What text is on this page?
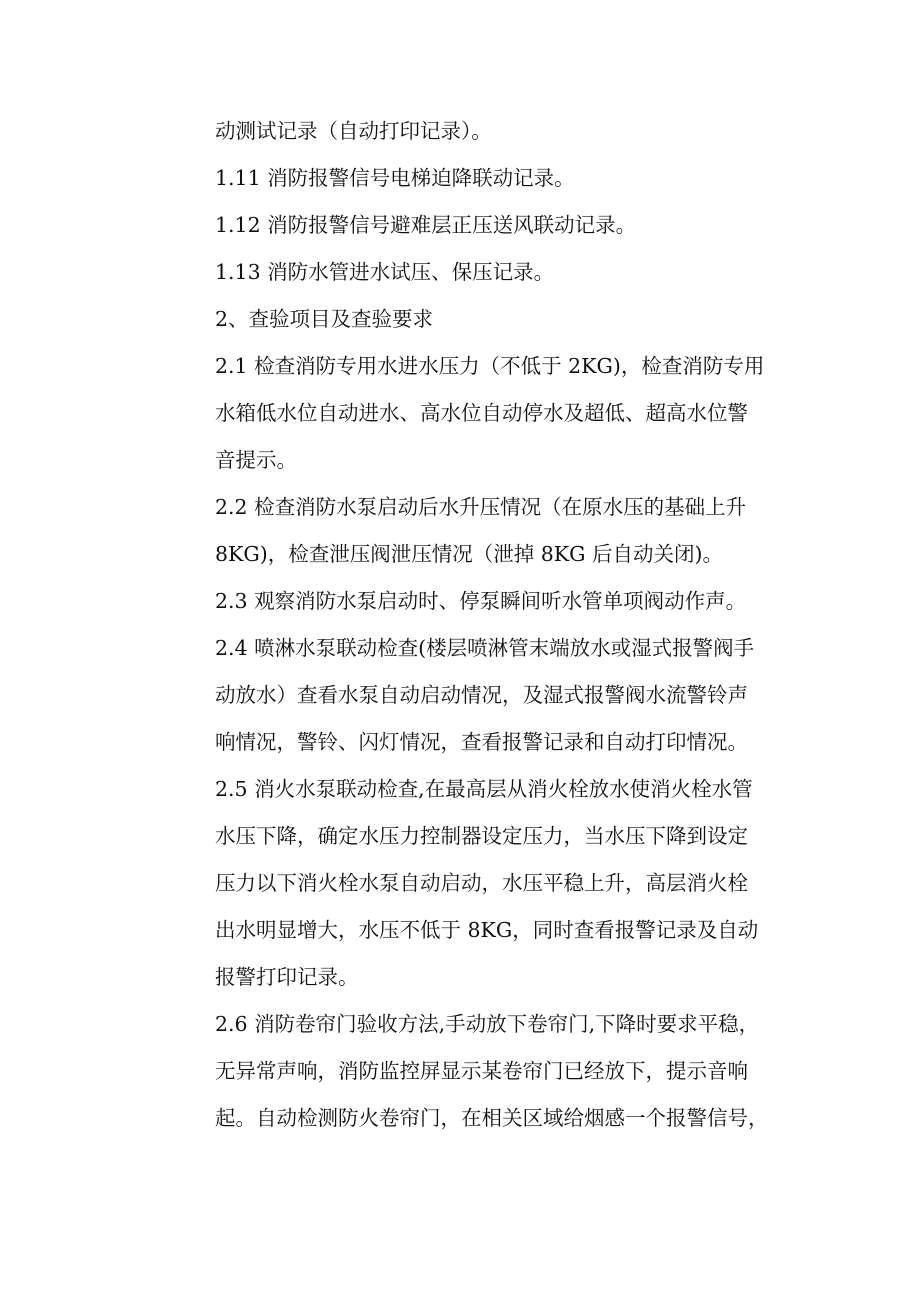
动测试记录（自动打印记录）。
1.11 消防报警信号电梯迫降联动记录。
1.12 消防报警信号避难层正压送风联动记录。
1.13 消防水管进水试压、保压记录。
2、查验项目及查验要求
2.1 检查消防专用水进水压力（不低于 2KG)，检查消防专用
水箱低水位自动进水、高水位自动停水及超低、超高水位警
音提示。
2.2 检查消防水泵启动后水升压情况（在原水压的基础上升
8KG)，检查泄压阀泄压情况（泄掉 8KG 后自动关闭)。
2.3 观察消防水泵启动时、停泵瞬间听水管单项阀动作声。
2.4 喷淋水泵联动检查(楼层喷淋管末端放水或湿式报警阀手
动放水）查看水泵自动启动情况，及湿式报警阀水流警铃声
响情况，警铃、闪灯情况，查看报警记录和自动打印情况。
2.5 消火水泵联动检查,在最高层从消火栓放水使消火栓水管
水压下降，确定水压力控制器设定压力，当水压下降到设定
压力以下消火栓水泵自动启动，水压平稳上升，高层消火栓
出水明显增大，水压不低于 8KG，同时查看报警记录及自动
报警打印记录。
2.6 消防卷帘门验收方法,手动放下卷帘门,下降时要求平稳，
无异常声响，消防监控屏显示某卷帘门已经放下，提示音响
起。自动检测防火卷帘门，在相关区域给烟感一个报警信号，
